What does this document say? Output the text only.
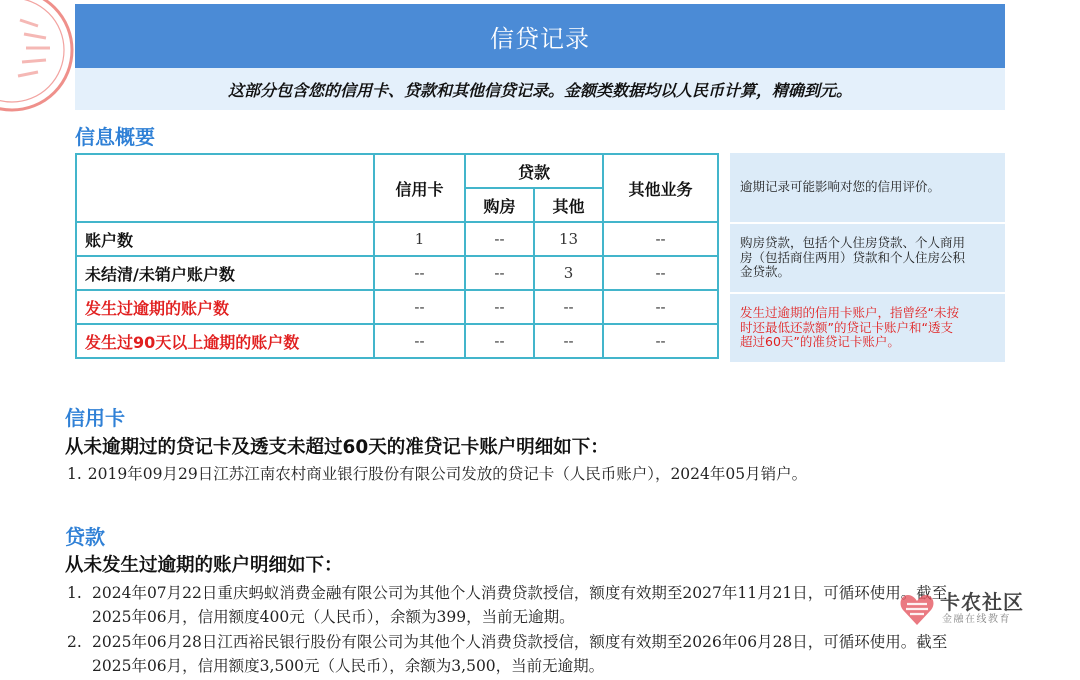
信贷记录
这部分包含您的信用卡、贷款和其他信贷记录。金额类数据均以人民币计算，精确到元。
信息概要
	信用卡	贷款		其他业务
		购房	其他	
账户数	1	--	13	--
未结清/未销户账户数	--	--	3	--
发生过逾期的账户数	--	--	--	--
发生过90天以上逾期的账户数	--	--	--	--
逾期记录可能影响对您的信用评价。
购房贷款，包括个人住房贷款、个人商用
房（包括商住两用）贷款和个人住房公积
金贷款。
发生过逾期的信用卡账户，指曾经“未按
时还最低还款额”的贷记卡账户和“透支
超过60天”的准贷记卡账户。
信用卡
从未逾期过的贷记卡及透支未超过60天的准贷记卡账户明细如下：
1. 2019年09月29日江苏江南农村商业银行股份有限公司发放的贷记卡（人民币账户），2024年05月销户。
贷款
从未发生过逾期的账户明细如下：
1. 2024年07月22日重庆蚂蚁消费金融有限公司为其他个人消费贷款授信，额度有效期至2027年11月21日，可循环使用。截至
2025年06月，信用额度400元（人民币），余额为399，当前无逾期。
2. 2025年06月28日江西裕民银行股份有限公司为其他个人消费贷款授信，额度有效期至2026年06月28日，可循环使用。截至
2025年06月，信用额度3,500元（人民币），余额为3,500，当前无逾期。
卡农社区
金融在线教育
